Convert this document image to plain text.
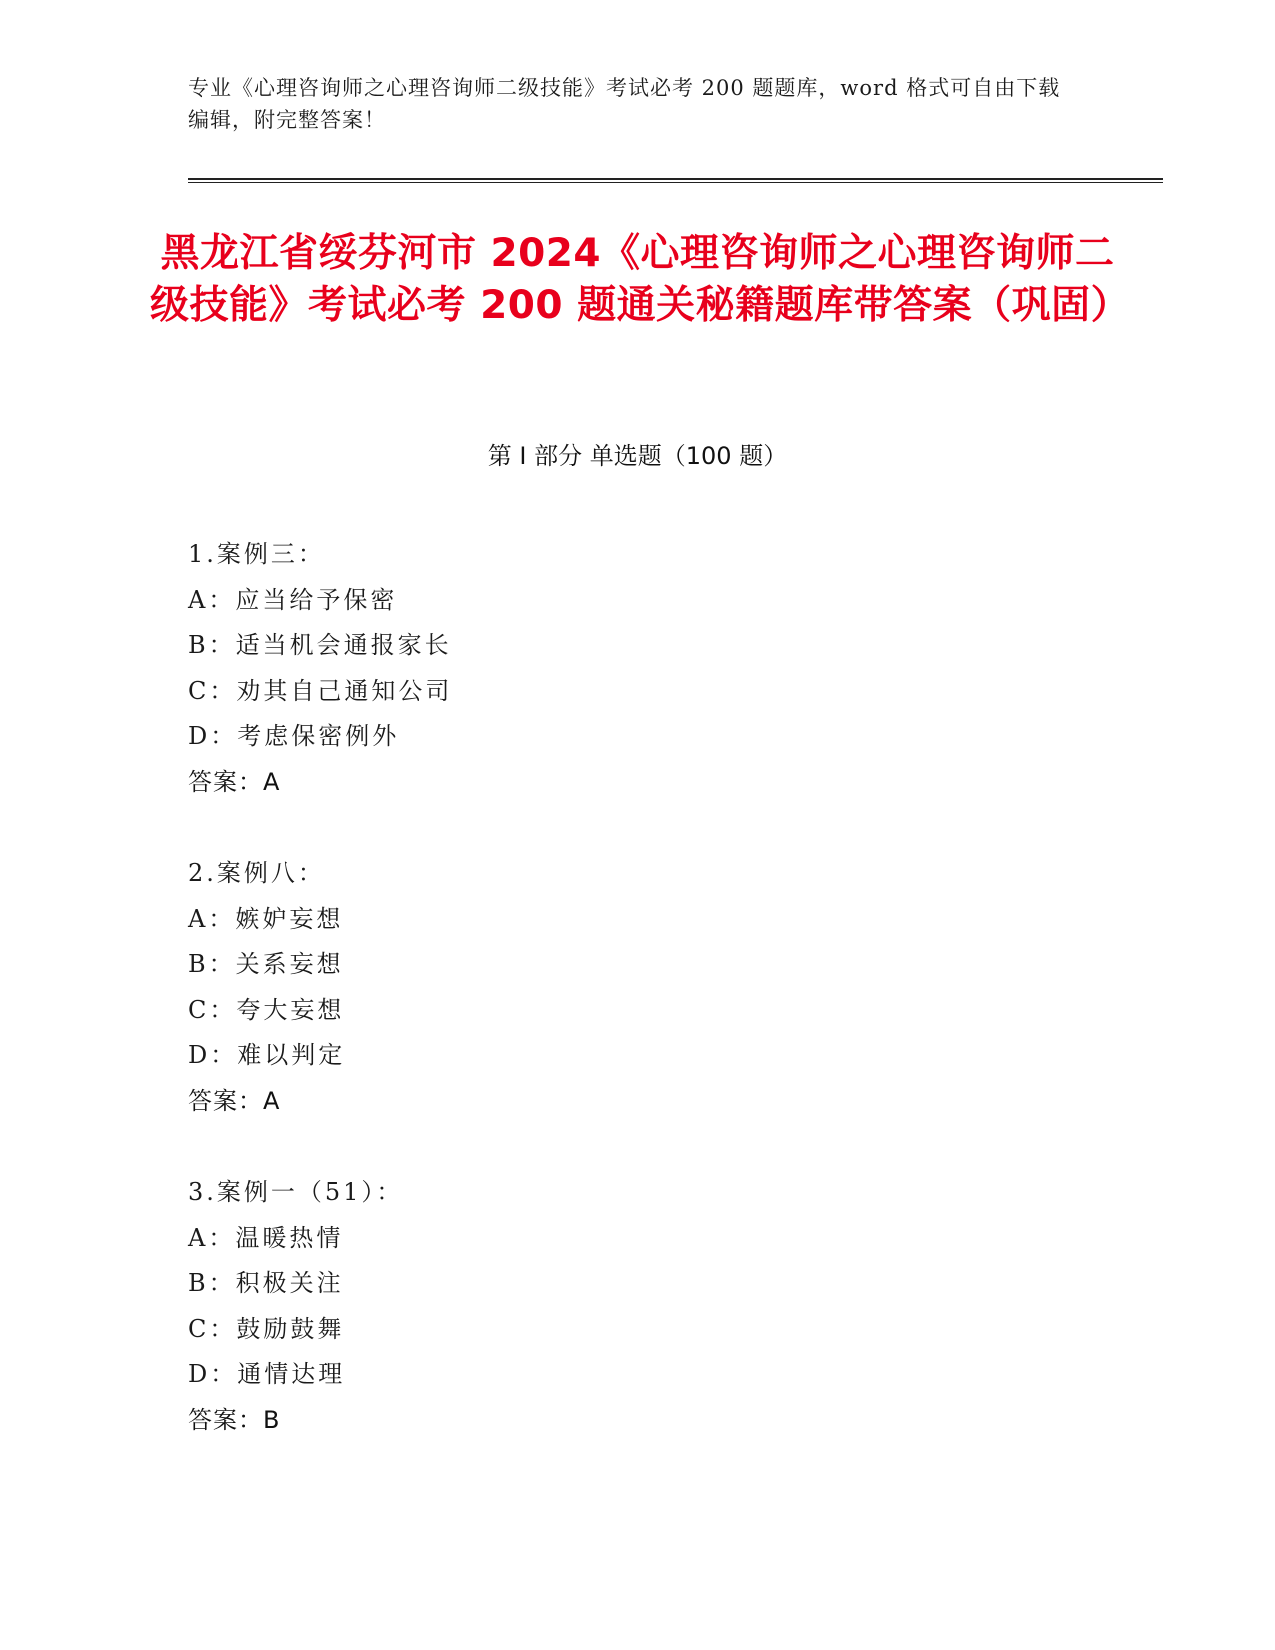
专业《心理咨询师之心理咨询师二级技能》考试必考 200 题题库，word 格式可自由下载编辑，附完整答案！
黑龙江省绥芬河市 2024《心理咨询师之心理咨询师二级技能》考试必考 200 题通关秘籍题库带答案（巩固）
第 I 部分 单选题（100 题）
1.案例三：
A：应当给予保密
B：适当机会通报家长
C：劝其自己通知公司
D：考虑保密例外
答案：A
2.案例八：
A：嫉妒妄想
B：关系妄想
C：夸大妄想
D：难以判定
答案：A
3.案例一（51）：
A：温暖热情
B：积极关注
C：鼓励鼓舞
D：通情达理
答案：B
